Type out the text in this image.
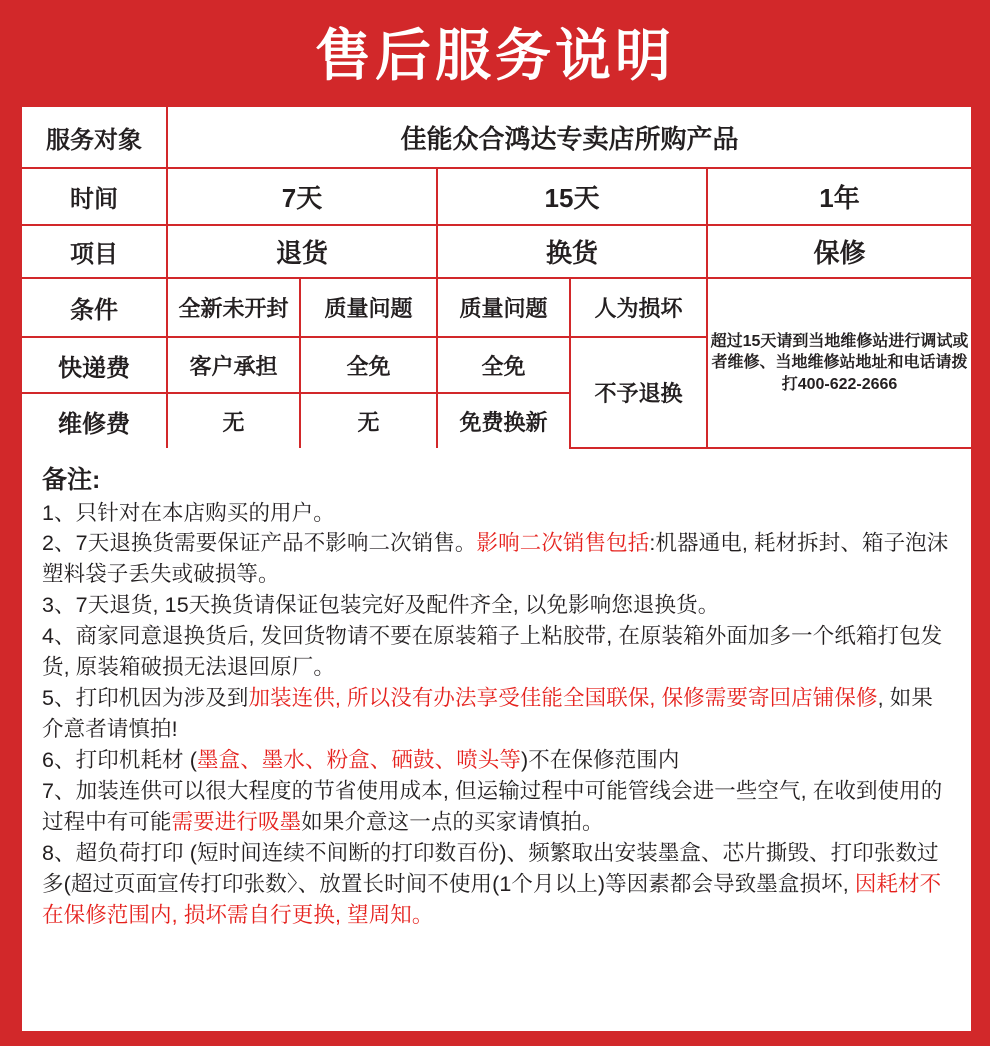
售后服务说明
服务对象	佳能众合鸿达专卖店所购产品				
时间	7天		15天		1年
项目	退货		换货		保修
条件	全新未开封	质量问题	质量问题	人为损坏	超过15天请到当地维修站进行调试或者维修、当地维修站地址和电话请拨打400-622-2666
快递费	客户承担	全免	全免	不予退换	
维修费	无	无	免费换新		
备注:
1、只针对在本店购买的用户。
2、7天退换货需要保证产品不影响二次销售。影响二次销售包括:机器通电, 耗材拆封、箱子泡沫塑料袋子丢失或破损等。
3、7天退货, 15天换货请保证包装完好及配件齐全, 以免影响您退换货。
4、商家同意退换货后, 发回货物请不要在原装箱子上粘胶带, 在原装箱外面加多一个纸箱打包发货, 原装箱破损无法退回原厂。
5、打印机因为涉及到加装连供, 所以没有办法享受佳能全国联保, 保修需要寄回店铺保修, 如果介意者请慎拍!
6、打印机耗材 (墨盒、墨水、粉盒、硒鼓、喷头等)不在保修范围内
7、加装连供可以很大程度的节省使用成本, 但运输过程中可能管线会进一些空气, 在收到使用的过程中有可能需要进行吸墨如果介意这一点的买家请慎拍。
8、超负荷打印 (短时间连续不间断的打印数百份)、频繁取出安装墨盒、芯片撕毁、打印张数过多(超过页面宣传打印张数〉、放置长时间不使用(1个月以上)等因素都会导致墨盒损坏, 因耗材不在保修范围内, 损坏需自行更换, 望周知。
